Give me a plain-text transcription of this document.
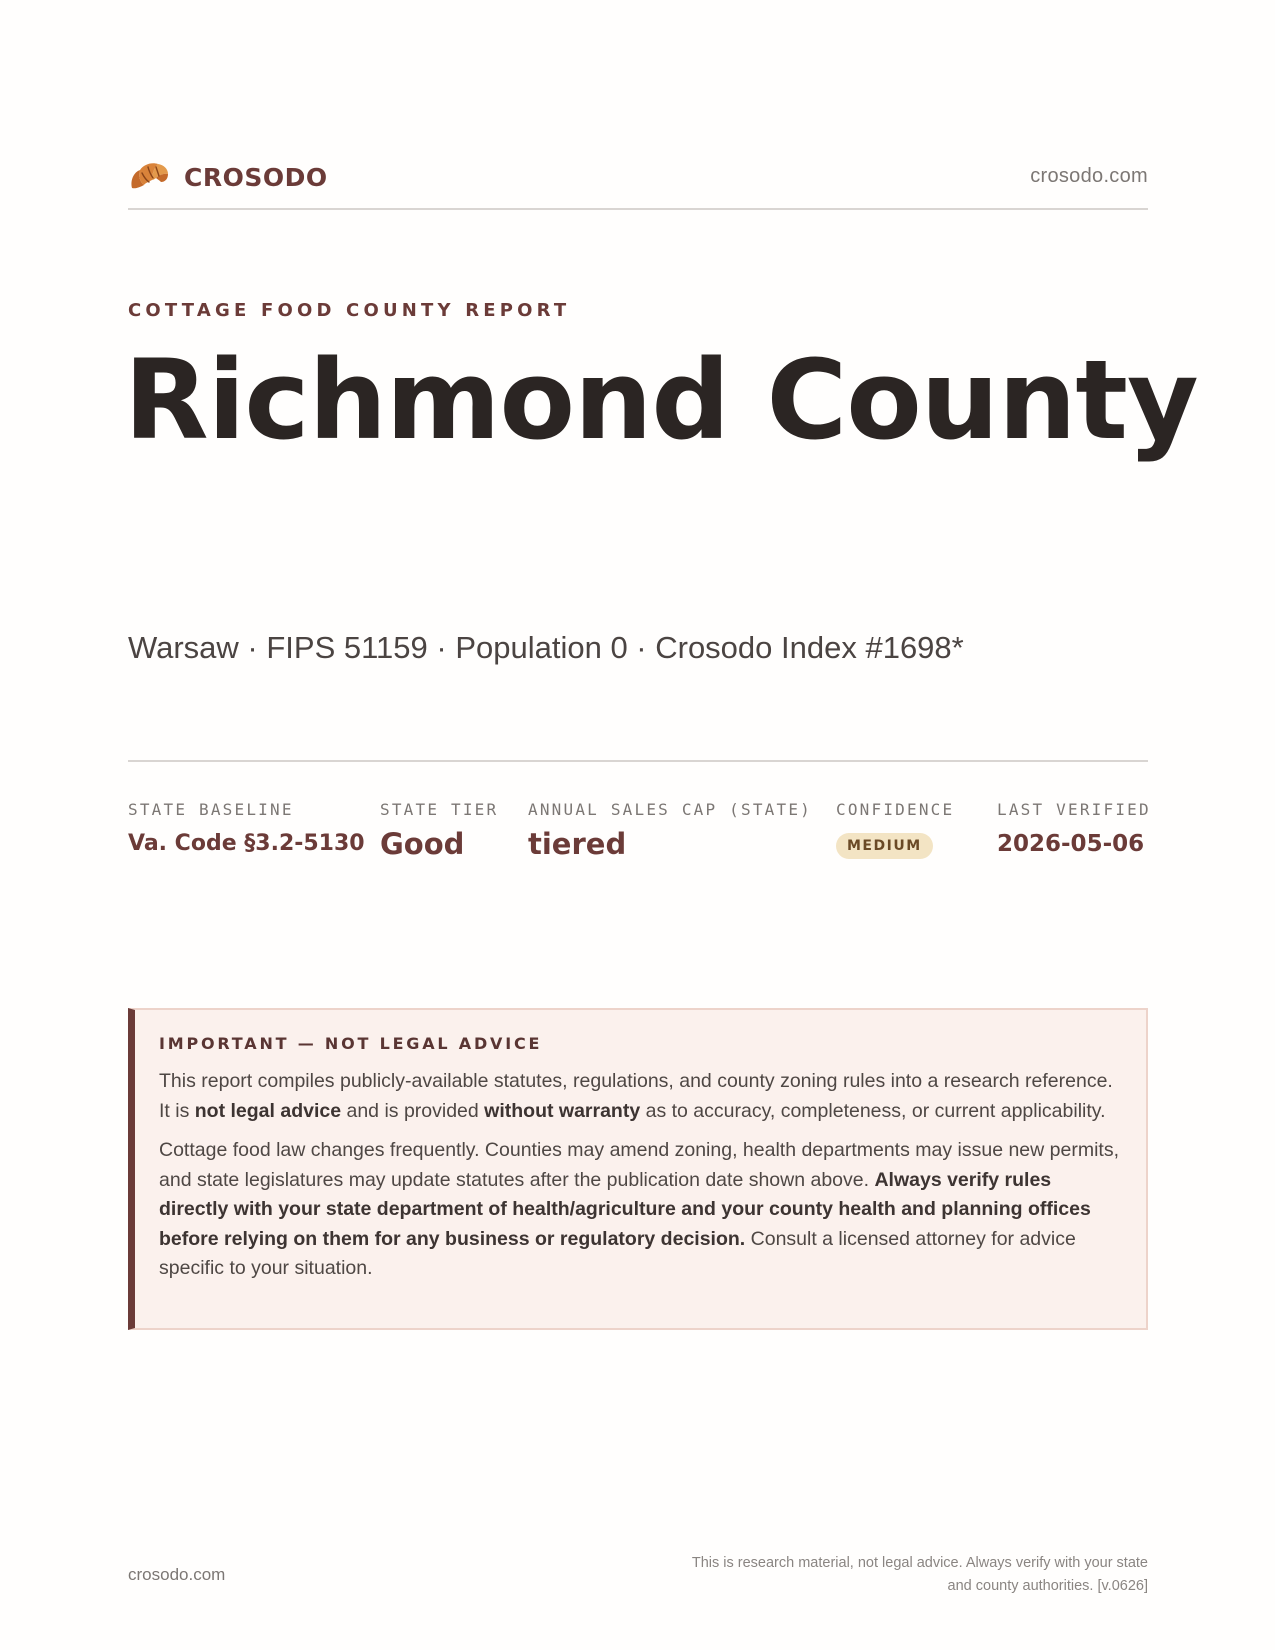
CROSODO	crosodo.com
COTTAGE FOOD COUNTY REPORT
Richmond County
Warsaw · FIPS 51159 · Population 0 · Crosodo Index #1698*
STATE BASELINE
Va. Code §3.2-5130
STATE TIER
Good
ANNUAL SALES CAP (STATE)
tiered
CONFIDENCE
MEDIUM
LAST VERIFIED
2026-05-06
IMPORTANT — NOT LEGAL ADVICE

This report compiles publicly-available statutes, regulations, and county zoning rules into a research reference. It is not legal advice and is provided without warranty as to accuracy, completeness, or current applicability.

Cottage food law changes frequently. Counties may amend zoning, health departments may issue new permits, and state legislatures may update statutes after the publication date shown above. Always verify rules directly with your state department of health/agriculture and your county health and planning offices before relying on them for any business or regulatory decision. Consult a licensed attorney for advice specific to your situation.

crosodo.com
This is research material, not legal advice. Always verify with your state
and county authorities. [v.0626]
